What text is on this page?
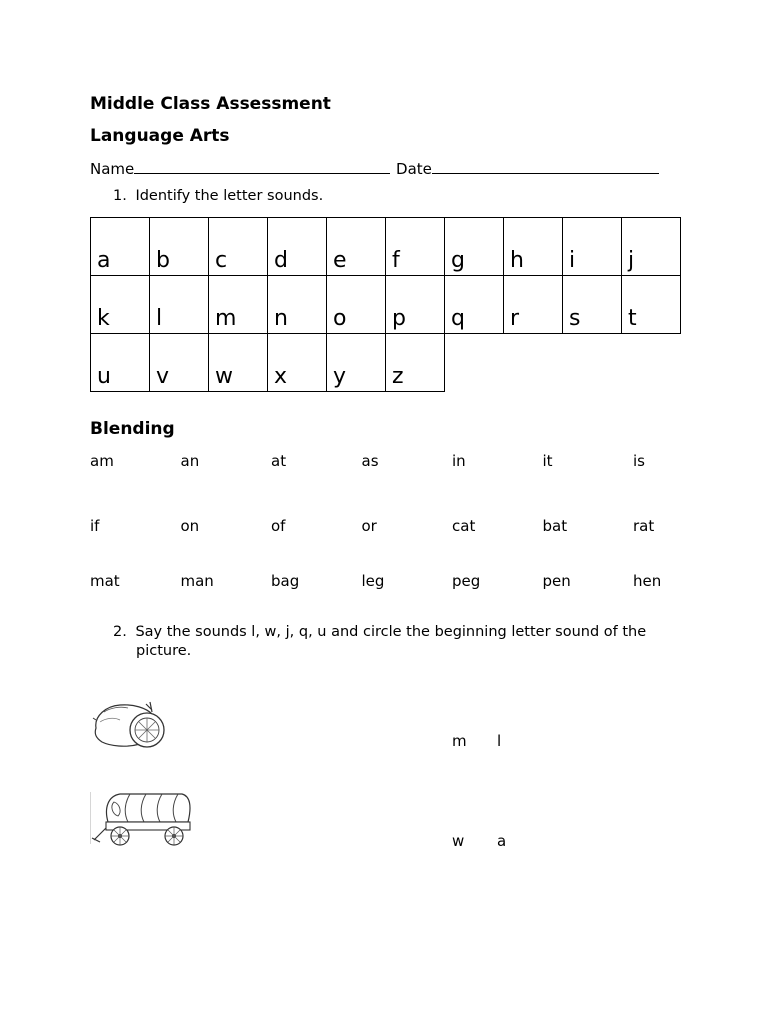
Middle Class Assessment
Language Arts
Name	Date
1. Identify the letter sounds.
a	b	c	d	e	f	g	h	i	j

k	l	m	n	o	p	q	r	s	t

u	v	w	x	y	z				

Blending
am	an	at	as	in	it	is
if	on	of	or	cat	bat	rat
mat	man	bag	leg	peg	pen	hen
2. Say the sounds l, w, j, q, u and circle the beginning letter sound of the
picture.
m l
w a
